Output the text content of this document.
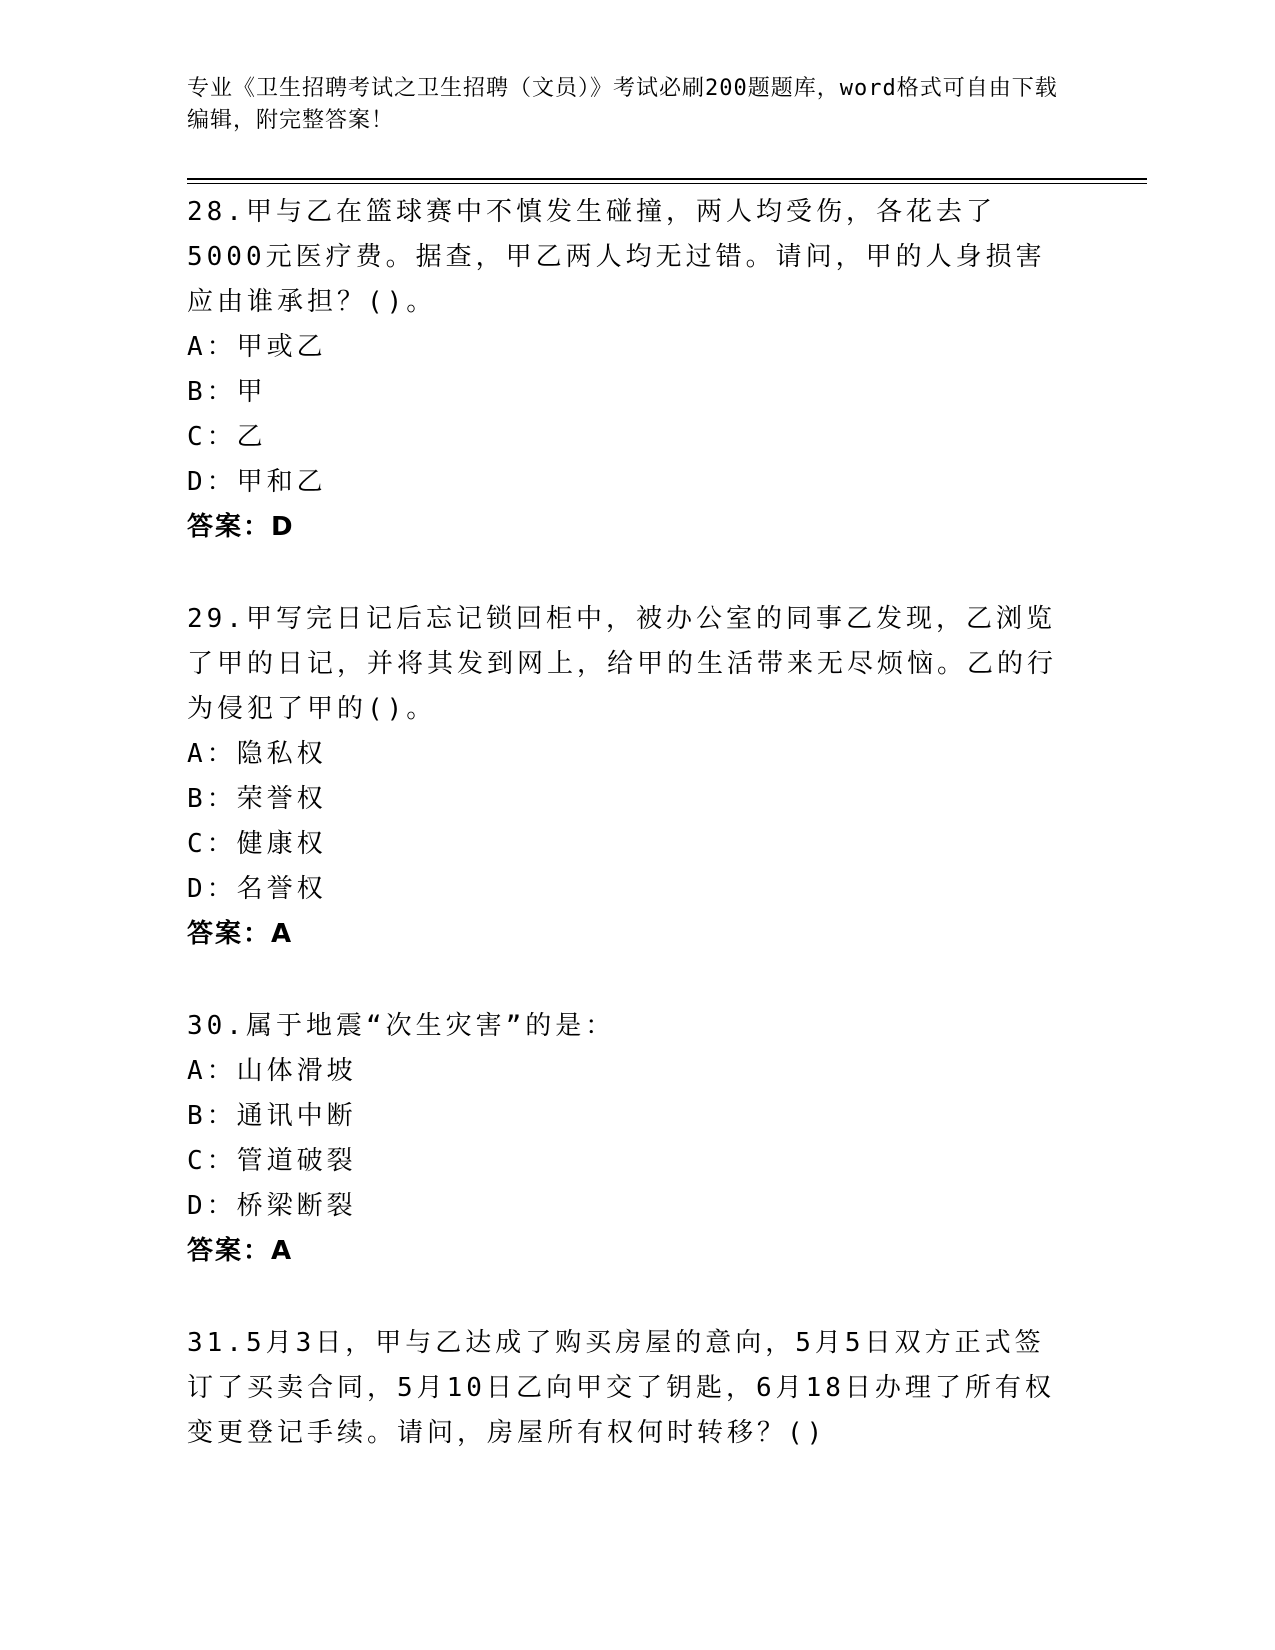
专业《卫生招聘考试之卫生招聘（文员）》考试必刷200题题库，word格式可自由下载编辑，附完整答案！
28.甲与乙在篮球赛中不慎发生碰撞，两人均受伤，各花去了5000元医疗费。据查，甲乙两人均无过错。请问，甲的人身损害应由谁承担？()。
A：甲或乙
B：甲
C：乙
D：甲和乙
答案：D
29.甲写完日记后忘记锁回柜中，被办公室的同事乙发现，乙浏览了甲的日记，并将其发到网上，给甲的生活带来无尽烦恼。乙的行为侵犯了甲的()。
A：隐私权
B：荣誉权
C：健康权
D：名誉权
答案：A
30.属于地震“次生灾害”的是：
A：山体滑坡
B：通讯中断
C：管道破裂
D：桥梁断裂
答案：A
31.5月3日，甲与乙达成了购买房屋的意向，5月5日双方正式签订了买卖合同，5月10日乙向甲交了钥匙，6月18日办理了所有权变更登记手续。请问，房屋所有权何时转移？()
